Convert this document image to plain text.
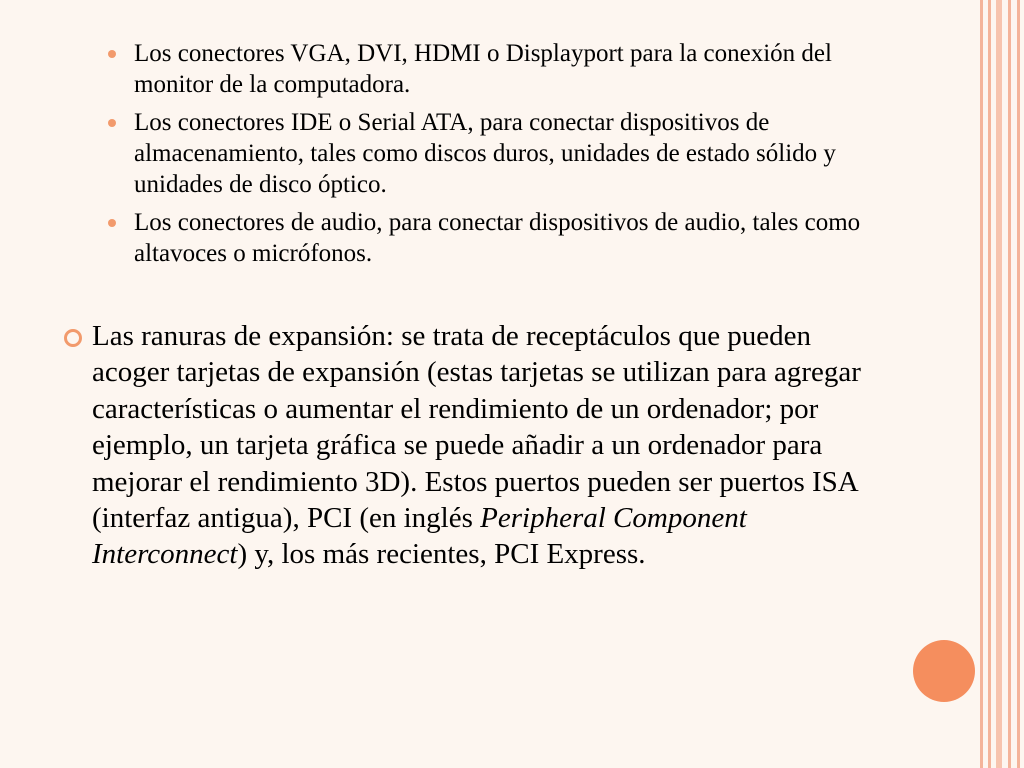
Los conectores VGA, DVI, HDMI o Displayport para la conexión del monitor de la computadora.
Los conectores IDE o Serial ATA, para conectar dispositivos de almacenamiento, tales como discos duros, unidades de estado sólido y unidades de disco óptico.
Los conectores de audio, para conectar dispositivos de audio, tales como altavoces o micrófonos.
Las ranuras de expansión: se trata de receptáculos que pueden acoger tarjetas de expansión (estas tarjetas se utilizan para agregar características o aumentar el rendimiento de un ordenador; por ejemplo, un tarjeta gráfica se puede añadir a un ordenador para mejorar el rendimiento 3D). Estos puertos pueden ser puertos ISA (interfaz antigua), PCI (en inglés Peripheral Component Interconnect) y, los más recientes, PCI Express.
